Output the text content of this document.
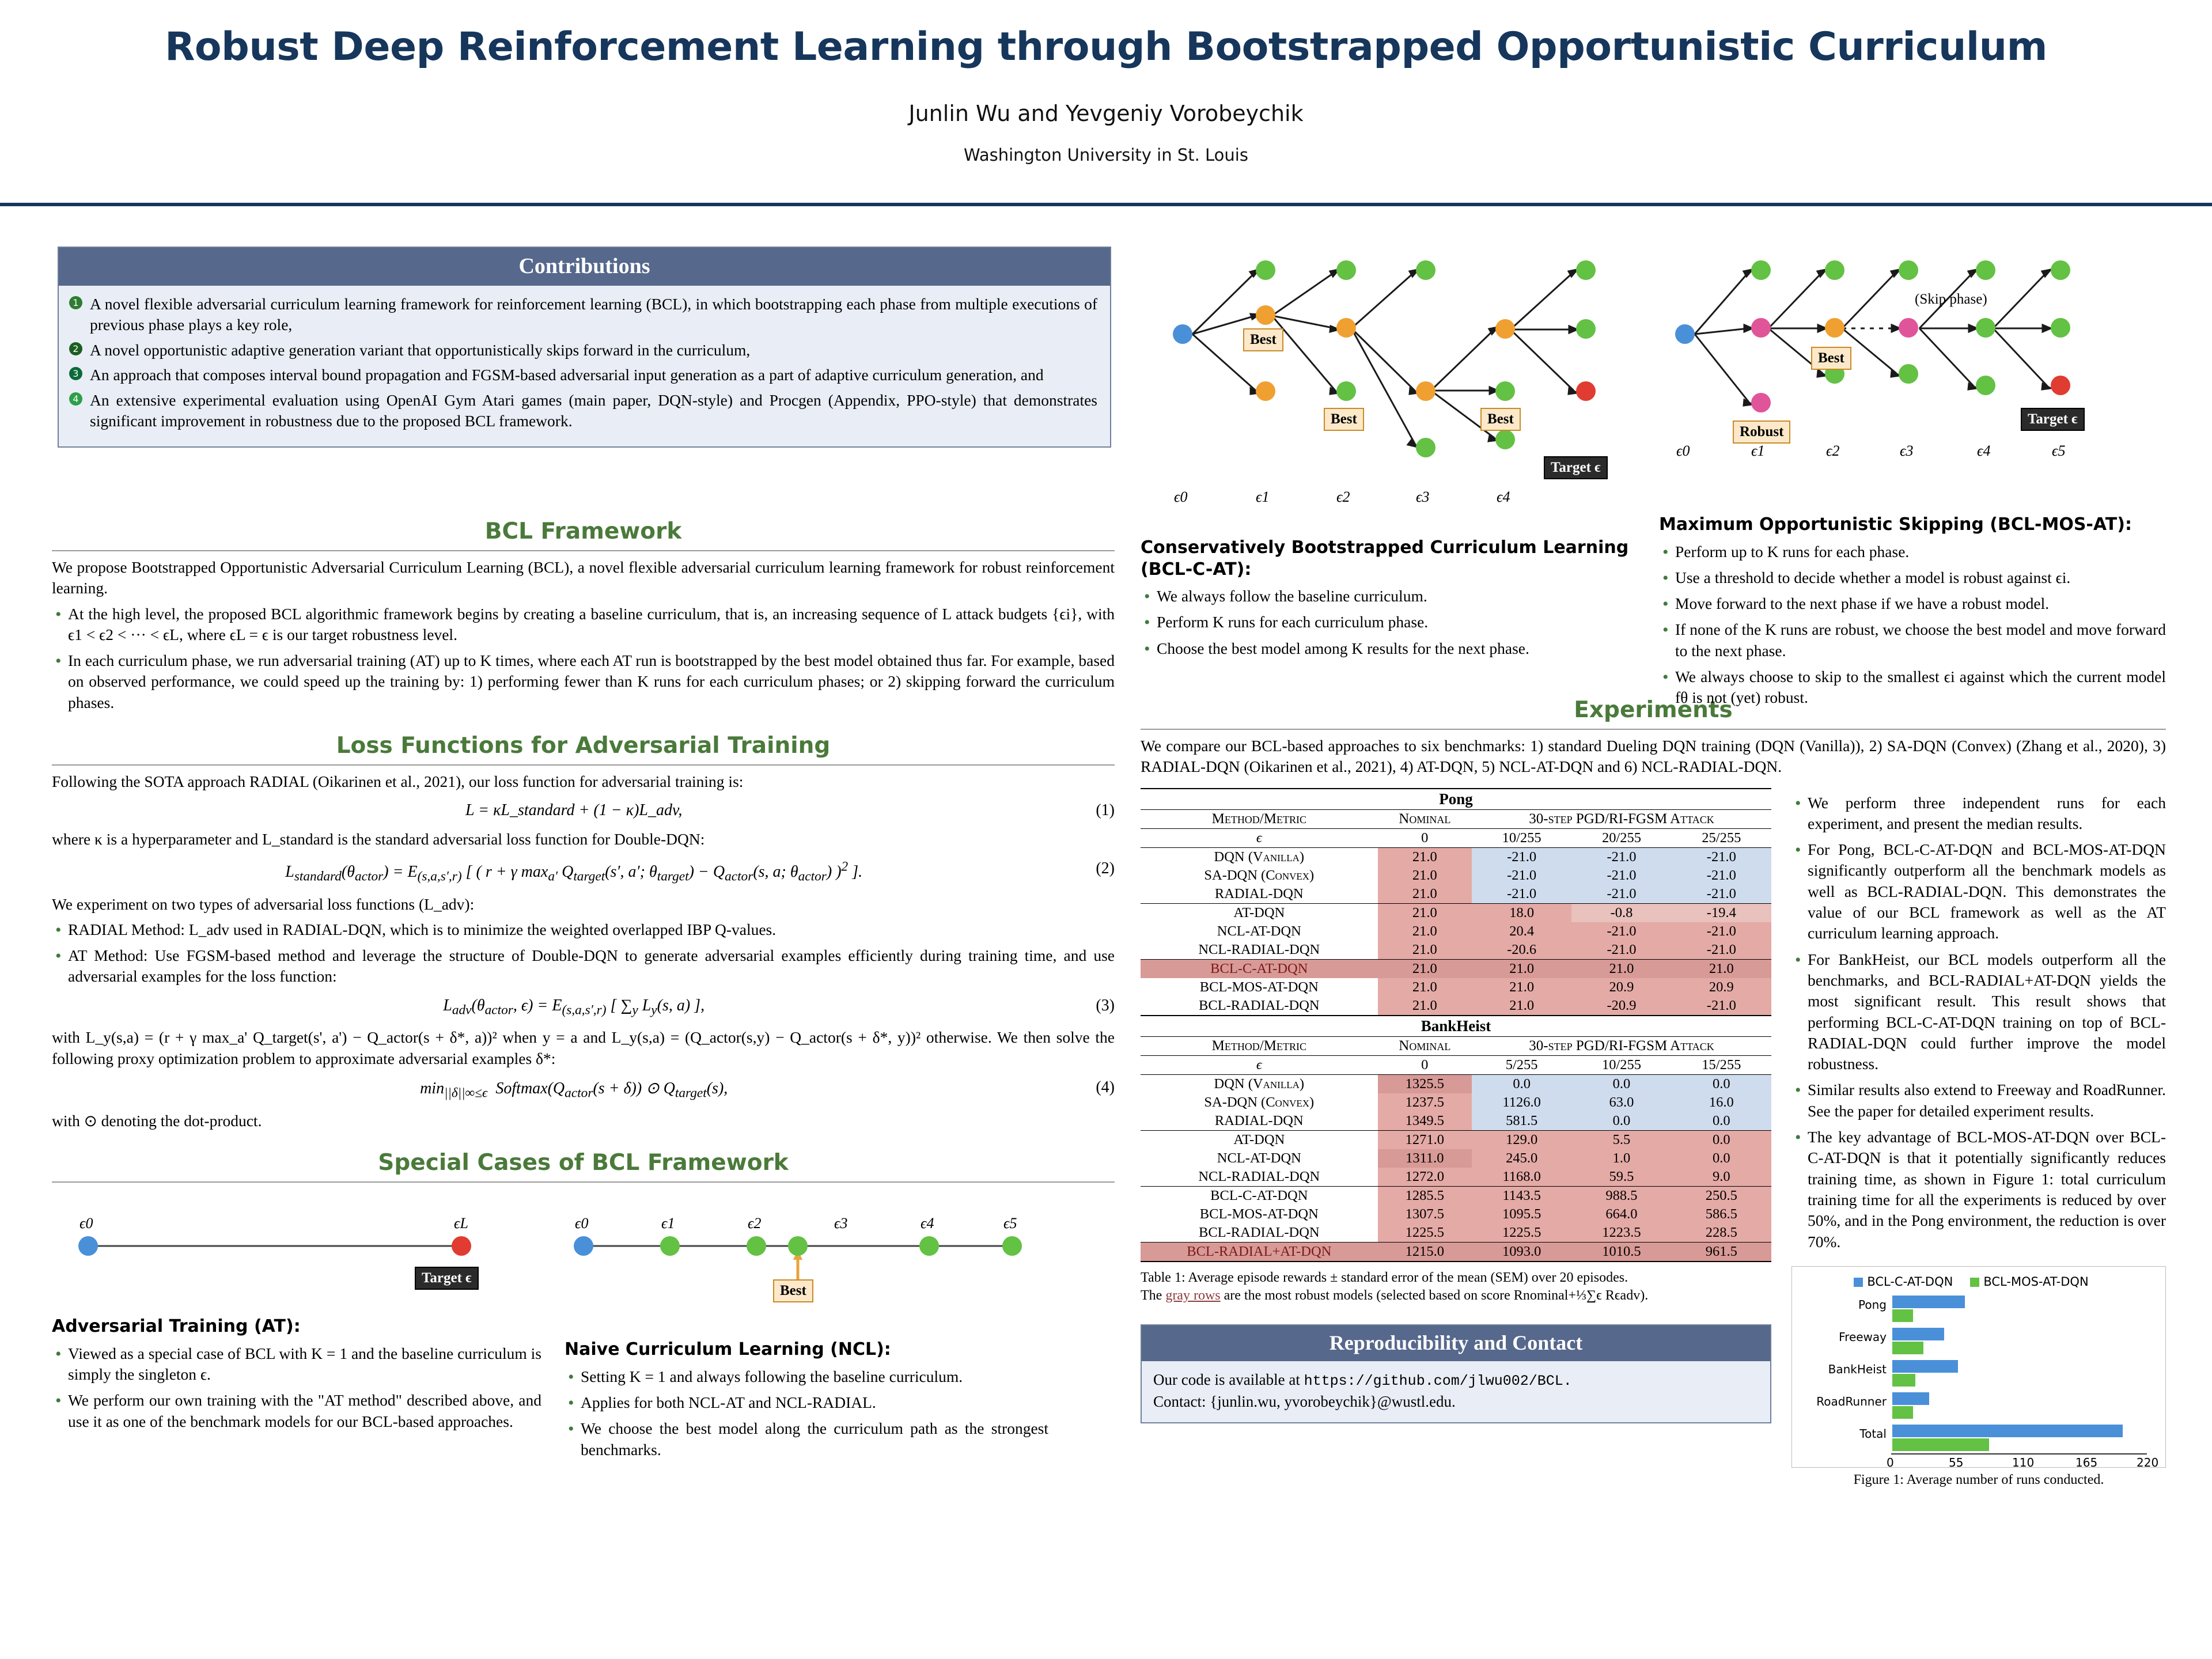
Robust Deep Reinforcement Learning through Bootstrapped Opportunistic Curriculum
Junlin Wu and Yevgeniy Vorobeychik
Washington University in St. Louis
Contributions
1 A novel flexible adversarial curriculum learning framework for reinforcement learning (BCL), in which bootstrapping each phase from multiple executions of previous phase plays a key role,
2 A novel opportunistic adaptive generation variant that opportunistically skips forward in the curriculum,
3 An approach that composes interval bound propagation and FGSM-based adversarial input generation as a part of adaptive curriculum generation, and
4 An extensive experimental evaluation using OpenAI Gym Atari games (main paper, DQN-style) and Procgen (Appendix, PPO-style) that demonstrates significant improvement in robustness due to the proposed BCL framework.
BCL Framework

We propose Bootstrapped Opportunistic Adversarial Curriculum Learning (BCL), a novel flexible adversarial curriculum learning framework for robust reinforcement learning.

• At the high level, the proposed BCL algorithmic framework begins by creating a baseline curriculum, that is, an increasing sequence of L attack budgets {ϵi}, with ϵ1 < ϵ2 < ··· < ϵL, where ϵL = ϵ is our target robustness level.
• In each curriculum phase, we run adversarial training (AT) up to K times, where each AT run is bootstrapped by the best model obtained thus far. For example, based on observed performance, we could speed up the training by: 1) performing fewer than K runs for each curriculum phases; or 2) skipping forward the curriculum phases.
Loss Functions for Adversarial Training

Following the SOTA approach RADIAL (Oikarinen et al., 2021), our loss function for adversarial training is:

L = κL_standard + (1 − κ)L_adv,	(1)

where κ is a hyperparameter and L_standard is the standard adversarial loss function for Double-DQN:

$L_{standard}(\theta_{actor}) = E_{(s,a,s',r)}$ [ ( r + γ $\max_{a'} Q_{target}(s'$, a′; $\theta_{target}) - Q_{actor}(s$, a; $\theta_{actor}$) )$^2$ ].	(2)

We experiment on two types of adversarial loss functions (L_adv):

• RADIAL Method: L_adv used in RADIAL-DQN, which is to minimize the weighted overlapped IBP Q-values.
• AT Method: Use FGSM-based method and leverage the structure of Double-DQN to generate adversarial examples efficiently during training time, and use adversarial examples for the loss function:
$L_{adv}(\theta_{actor}$, $\epsilon) = E_{(s,a,s',r)}$ [ $\sum_y$ $L_y(s$, a) ],	(3)

with L_y(s,a) = (r + γ max_a' Q_target(s', a') − Q_actor(s + δ*, a))² when y = a and L_y(s,a) = (Q_actor(s,y) − Q_actor(s + δ*, y))² otherwise. We then solve the following proxy optimization problem to approximate adversarial examples δ*:

$\min_{||\delta||\infty\le\epsilon}$  $Softmax(Q_{actor}(s + \delta))$ ⊙ $Q_{target}(s)$,	(4)

with ⊙ denoting the dot-product.

Special Cases of BCL Framework
ϵ0	ϵL
Target ϵ
ϵ0	ϵ1	ϵ2	ϵ3	ϵ4	ϵ5
Best
Adversarial Training (AT):
• Viewed as a special case of BCL with K = 1 and the baseline curriculum is simply the singleton ϵ.
• We perform our own training with the "AT method" described above, and use it as one of the benchmark models for our BCL-based approaches.
Naive Curriculum Learning (NCL):
• Setting K = 1 and always following the baseline curriculum.
• Applies for both NCL-AT and NCL-RADIAL.
• We choose the best model along the curriculum path as the strongest benchmarks.
Best
Best	Best
Target ϵ
ϵ0	ϵ1	ϵ2	ϵ3	ϵ4
Best
Robust
(Skip phase)
Target ϵ
ϵ0	ϵ1	ϵ2	ϵ3	ϵ4	ϵ5
Conservatively Bootstrapped Curriculum Learning (BCL-C-AT):
• We always follow the baseline curriculum.
• Perform K runs for each curriculum phase.
• Choose the best model among K results for the next phase.
Maximum Opportunistic Skipping (BCL-MOS-AT):
• Perform up to K runs for each phase.
• Use a threshold to decide whether a model is robust against ϵi.
• Move forward to the next phase if we have a robust model.
• If none of the K runs are robust, we choose the best model and move forward to the next phase.
• We always choose to skip to the smallest ϵi against which the current model fθ is not (yet) robust.
Experiments

We compare our BCL-based approaches to six benchmarks: 1) standard Dueling DQN training (DQN (Vanilla)), 2) SA-DQN (Convex) (Zhang et al., 2020), 3) RADIAL-DQN (Oikarinen et al., 2021), 4) AT-DQN, 5) NCL-AT-DQN and 6) NCL-RADIAL-DQN.

Pong				
Method/Metric	Nominal	30-step PGD/RI-FGSM Attack		
ϵ	0	10/255	20/255	25/255
DQN (Vanilla)	21.0	-21.0	-21.0	-21.0
SA-DQN (Convex)	21.0	-21.0	-21.0	-21.0
RADIAL-DQN	21.0	-21.0	-21.0	-21.0
AT-DQN	21.0	18.0	-0.8	-19.4
NCL-AT-DQN	21.0	20.4	-21.0	-21.0
NCL-RADIAL-DQN	21.0	-20.6	-21.0	-21.0
BCL-C-AT-DQN	21.0	21.0	21.0	21.0
BCL-MOS-AT-DQN	21.0	21.0	20.9	20.9
BCL-RADIAL-DQN	21.0	21.0	-20.9	-21.0
BankHeist				
Method/Metric	Nominal	30-step PGD/RI-FGSM Attack		
ϵ	0	5/255	10/255	15/255
DQN (Vanilla)	1325.5	0.0	0.0	0.0
SA-DQN (Convex)	1237.5	1126.0	63.0	16.0
RADIAL-DQN	1349.5	581.5	0.0	0.0
AT-DQN	1271.0	129.0	5.5	0.0
NCL-AT-DQN	1311.0	245.0	1.0	0.0
NCL-RADIAL-DQN	1272.0	1168.0	59.5	9.0
BCL-C-AT-DQN	1285.5	1143.5	988.5	250.5
BCL-MOS-AT-DQN	1307.5	1095.5	664.0	586.5
BCL-RADIAL-DQN	1225.5	1225.5	1223.5	228.5
BCL-RADIAL+AT-DQN	1215.0	1093.0	1010.5	961.5

Table 1: Average episode rewards ± standard error of the mean (SEM) over 20 episodes.
The gray rows are the most robust models (selected based on score Rnominal+⅓∑ϵ Rϵadv).
Reproducibility and Contact
Our code is available at https://github.com/jlwu002/BCL.
Contact: {junlin.wu, yvorobeychik}@wustl.edu.
• We perform three independent runs for each experiment, and present the median results.
• For Pong, BCL-C-AT-DQN and BCL-MOS-AT-DQN significantly outperform all the benchmark models as well as BCL-RADIAL-DQN. This demonstrates the value of our BCL framework as well as the AT curriculum learning approach.
• For BankHeist, our BCL models outperform all the benchmarks, and BCL-RADIAL+AT-DQN yields the most significant result. This result shows that performing BCL-C-AT-DQN training on top of BCL-RADIAL-DQN could further improve the model robustness.
• Similar results also extend to Freeway and RoadRunner. See the paper for detailed experiment results.
• The key advantage of BCL-MOS-AT-DQN over BCL-C-AT-DQN is that it potentially significantly reduces training time, as shown in Figure 1: total curriculum training time for all the experiments is reduced by over 50%, and in the Pong environment, the reduction is over 70%.
BCL-C-AT-DQN	BCL-MOS-AT-DQN
Pong
Freeway
BankHeist
RoadRunner
Total
0	55	110	165	220
Figure 1: Average number of runs conducted.
